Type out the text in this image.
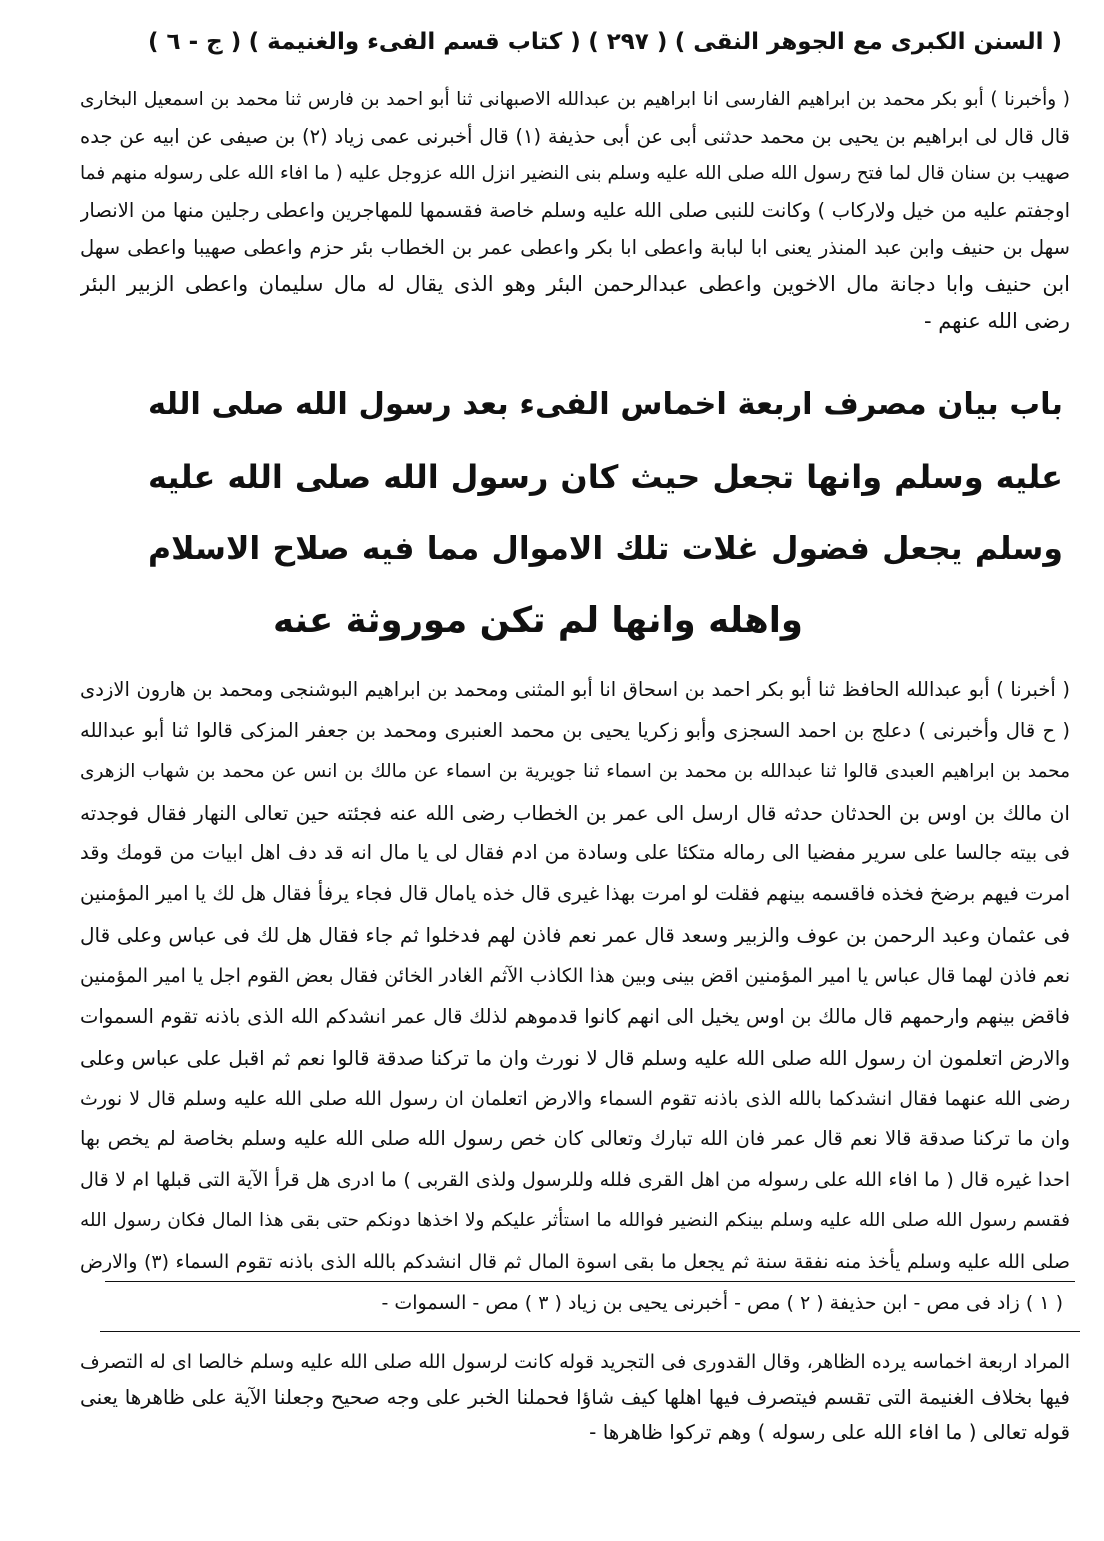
( السنن الكبرى مع الجوهر النقى )
( ٢٩٧ )
( كتاب قسم الفىء والغنيمة )
( ج - ٦ )
( وأخبرنا ) أبو بكر محمد بن ابراهيم الفارسى انا ابراهيم بن عبدالله الاصبهانى ثنا أبو احمد بن فارس ثنا محمد بن اسمعيل البخارى
قال قال لى ابراهيم بن يحيى بن محمد حدثنى أبى عن أبى حذيفة (١) قال أخبرنى عمى زياد (٢) بن صيفى عن ابيه عن جده
صهيب بن سنان قال لما فتح رسول الله صلى الله عليه وسلم بنى النضير انزل الله عزوجل عليه ( ما افاء الله على رسوله منهم فما
اوجفتم عليه من خيل ولاركاب ) وكانت للنبى صلى الله عليه وسلم خاصة فقسمها للمهاجرين واعطى رجلين منها من الانصار
سهل بن حنيف وابن عبد المنذر يعنى ابا لبابة واعطى ابا بكر واعطى عمر بن الخطاب بئر حزم واعطى صهيبا واعطى سهل
ابن حنيف وابا دجانة مال الاخوين واعطى عبدالرحمن البئر وهو الذى يقال له مال سليمان واعطى الزبير البئر
رضى الله عنهم -
باب بيان مصرف اربعة اخماس الفىء بعد رسول الله صلى الله
عليه وسلم وانها تجعل حيث كان رسول الله صلى الله عليه
وسلم يجعل فضول غلات تلك الاموال مما فيه صلاح الاسلام
واهله وانها لم تكن موروثة عنه
( أخبرنا ) أبو عبدالله الحافظ ثنا أبو بكر احمد بن اسحاق انا أبو المثنى ومحمد بن ابراهيم البوشنجى ومحمد بن هارون الازدى
( ح قال وأخبرنى ) دعلج بن احمد السجزى وأبو زكريا يحيى بن محمد العنبرى ومحمد بن جعفر المزكى قالوا ثنا أبو عبدالله
محمد بن ابراهيم العبدى قالوا ثنا عبدالله بن محمد بن اسماء ثنا جويرية بن اسماء عن مالك بن انس عن محمد بن شهاب الزهرى
ان مالك بن اوس بن الحدثان حدثه قال ارسل الى عمر بن الخطاب رضى الله عنه فجئته حين تعالى النهار فقال فوجدته
فى بيته جالسا على سرير مفضيا الى رماله متكئا على وسادة من ادم فقال لى يا مال انه قد دف اهل ابيات من قومك وقد
امرت فيهم برضخ فخذه فاقسمه بينهم فقلت لو امرت بهذا غيرى قال خذه يامال قال فجاء يرفأ فقال هل لك يا امير المؤمنين
فى عثمان وعبد الرحمن بن عوف والزبير وسعد قال عمر نعم فاذن لهم فدخلوا ثم جاء فقال هل لك فى عباس وعلى قال
نعم فاذن لهما قال عباس يا امير المؤمنين اقض بينى وبين هذا الكاذب الآثم الغادر الخائن فقال بعض القوم اجل يا امير المؤمنين
فاقض بينهم وارحمهم قال مالك بن اوس يخيل الى انهم كانوا قدموهم لذلك قال عمر انشدكم الله الذى باذنه تقوم السموات
والارض اتعلمون ان رسول الله صلى الله عليه وسلم قال لا نورث وان ما تركنا صدقة قالوا نعم ثم اقبل على عباس وعلى
رضى الله عنهما فقال انشدكما بالله الذى باذنه تقوم السماء والارض اتعلمان ان رسول الله صلى الله عليه وسلم قال لا نورث
وان ما تركنا صدقة قالا نعم قال عمر فان الله تبارك وتعالى كان خص رسول الله صلى الله عليه وسلم بخاصة لم يخص بها
احدا غيره قال ( ما افاء الله على رسوله من اهل القرى فلله وللرسول ولذى القربى ) ما ادرى هل قرأ الآية التى قبلها ام لا قال
فقسم رسول الله صلى الله عليه وسلم بينكم النضير فوالله ما استأثر عليكم ولا اخذها دونكم حتى بقى هذا المال فكان رسول الله
صلى الله عليه وسلم يأخذ منه نفقة سنة ثم يجعل ما بقى اسوة المال ثم قال انشدكم بالله الذى باذنه تقوم السماء (٣) والارض
( ١ ) زاد فى مص - ابن حذيفة ( ٢ ) مص - أخبرنى يحيى بن زياد ( ٣ ) مص - السموات -
المراد اربعة اخماسه يرده الظاهر، وقال القدورى فى التجريد قوله كانت لرسول الله صلى الله عليه وسلم خالصا اى له التصرف
فيها بخلاف الغنيمة التى تقسم فيتصرف فيها اهلها كيف شاؤا فحملنا الخبر على وجه صحيح وجعلنا الآية على ظاهرها يعنى
قوله تعالى ( ما افاء الله على رسوله ) وهم تركوا ظاهرها -
